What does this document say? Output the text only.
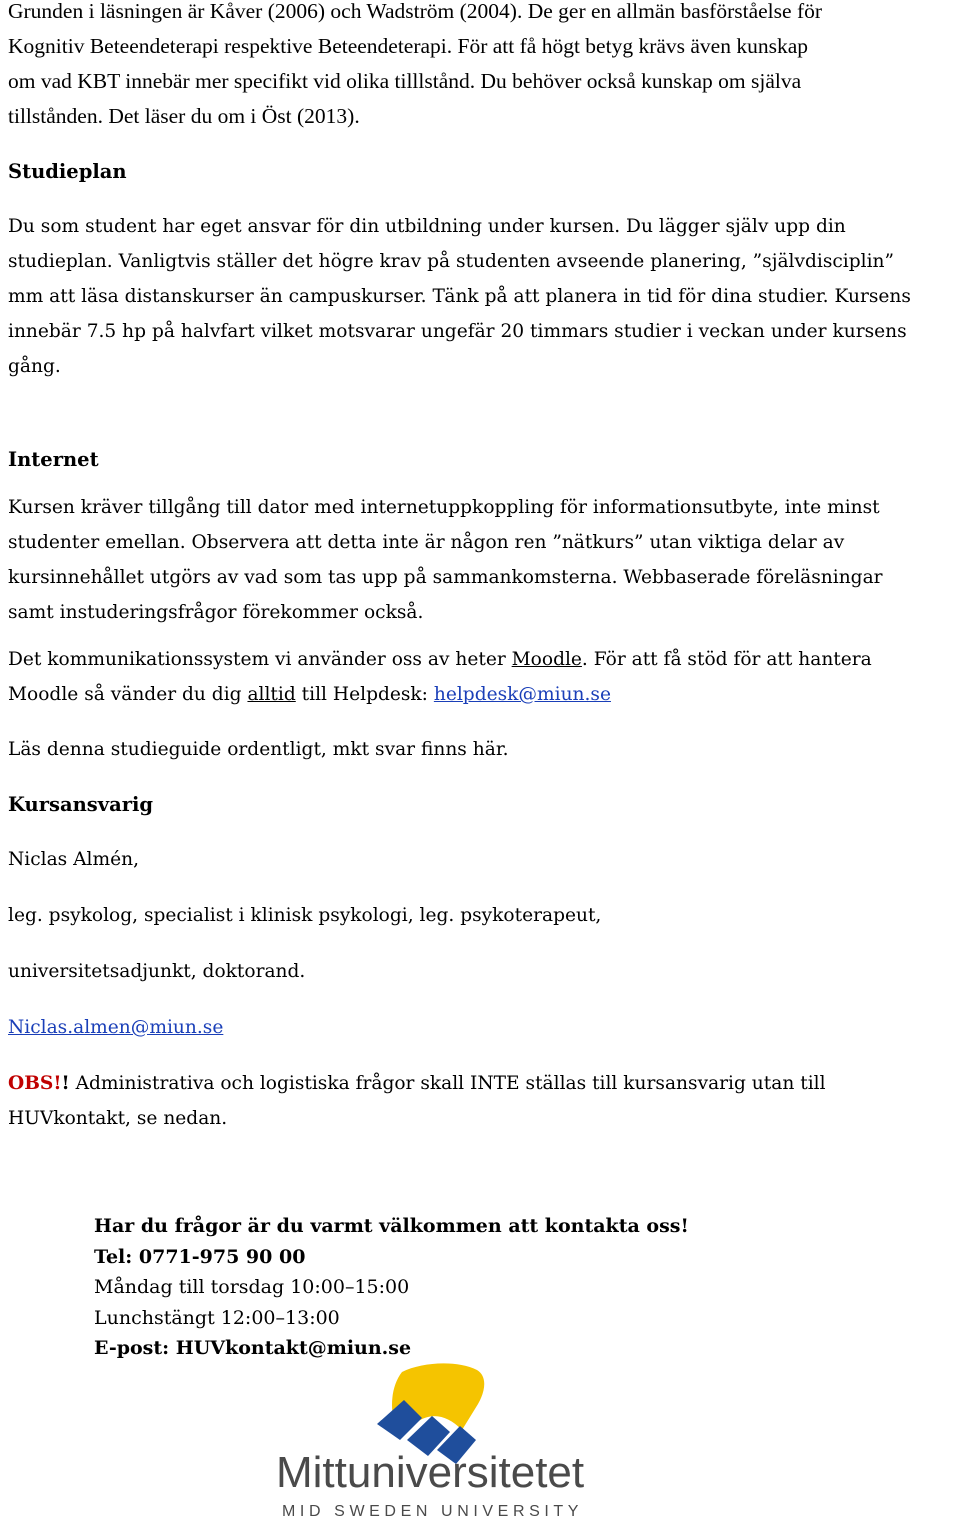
Grunden i läsningen är Kåver (2006) och Wadström (2004). De ger en allmän basförståelse för

Kognitiv Beteendeterapi respektive Beteendeterapi. För att få högt betyg krävs även kunskap

om vad KBT innebär mer specifikt vid olika tilllstånd. Du behöver också kunskap om själva

tillstånden. Det läser du om i Öst (2013).

Studieplan

Du som student har eget ansvar för din utbildning under kursen. Du lägger själv upp din

studieplan. Vanligtvis ställer det högre krav på studenten avseende planering, ”självdisciplin”

mm att läsa distanskurser än campuskurser. Tänk på att planera in tid för dina studier. Kursens

innebär 7.5 hp på halvfart vilket motsvarar ungefär 20 timmars studier i veckan under kursens

gång.

Internet

Kursen kräver tillgång till dator med internetuppkoppling för informationsutbyte, inte minst

studenter emellan. Observera att detta inte är någon ren ”nätkurs” utan viktiga delar av

kursinnehållet utgörs av vad som tas upp på sammankomsterna. Webbaserade föreläsningar

samt instuderingsfrågor förekommer också.

Det kommunikationssystem vi använder oss av heter Moodle. För att få stöd för att hantera

Moodle så vänder du dig alltid till Helpdesk: helpdesk@miun.se

Läs denna studieguide ordentligt, mkt svar finns här.

Kursansvarig

Niclas Almén,

leg. psykolog, specialist i klinisk psykologi, leg. psykoterapeut,

universitetsadjunkt, doktorand.

Niclas.almen@miun.se

OBS!! Administrativa och logistiska frågor skall INTE ställas till kursansvarig utan till

HUVkontakt, se nedan.

Har du frågor är du varmt välkommen att kontakta oss!
Tel: 0771-975 90 00
Måndag till torsdag 10:00–15:00
Lunchstängt 12:00–13:00
E-post: HUVkontakt@miun.se
Mittuniversitetet
MID SWEDEN UNIVERSITY
